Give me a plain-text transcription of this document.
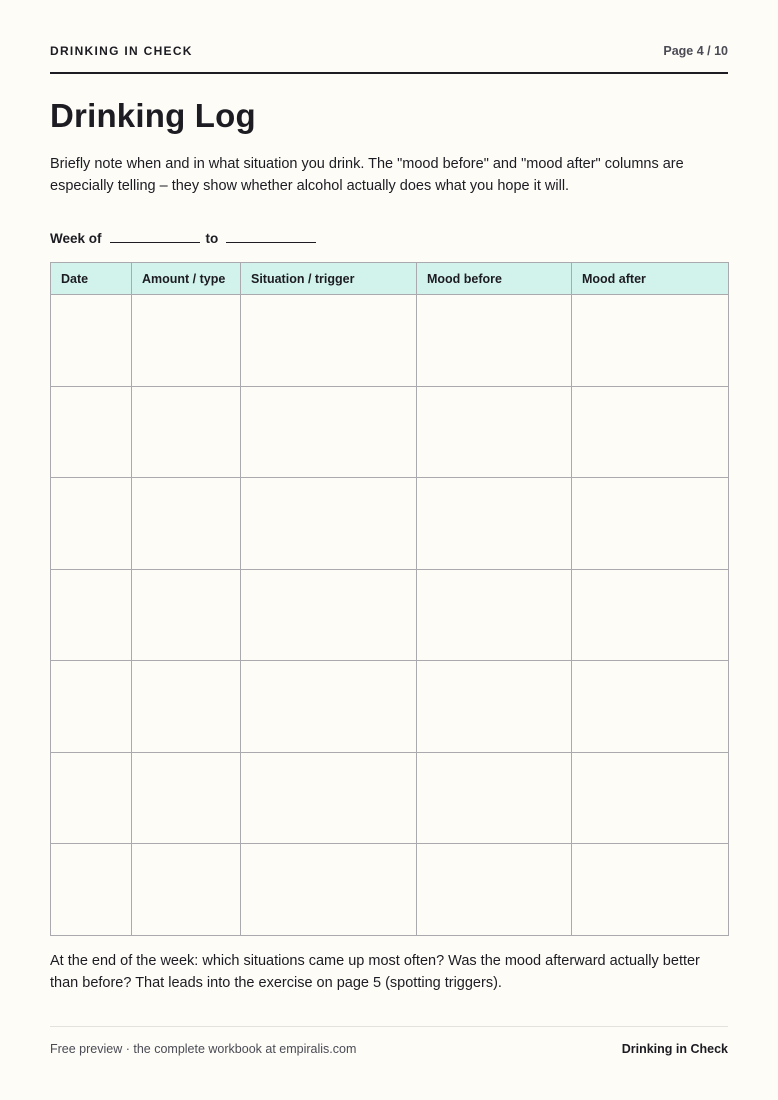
DRINKING IN CHECK	Page 4 / 10
Drinking Log

Briefly note when and in what situation you drink. The "mood before" and "mood after" columns are especially telling – they show whether alcohol actually does what you hope it will.

Week of	to
Date	Amount / type	Situation / trigger	Mood before	Mood after

At the end of the week: which situations came up most often? Was the mood afterward actually better than before? That leads into the exercise on page 5 (spotting triggers).

Free preview · the complete workbook at empiralis.com	Drinking in Check
